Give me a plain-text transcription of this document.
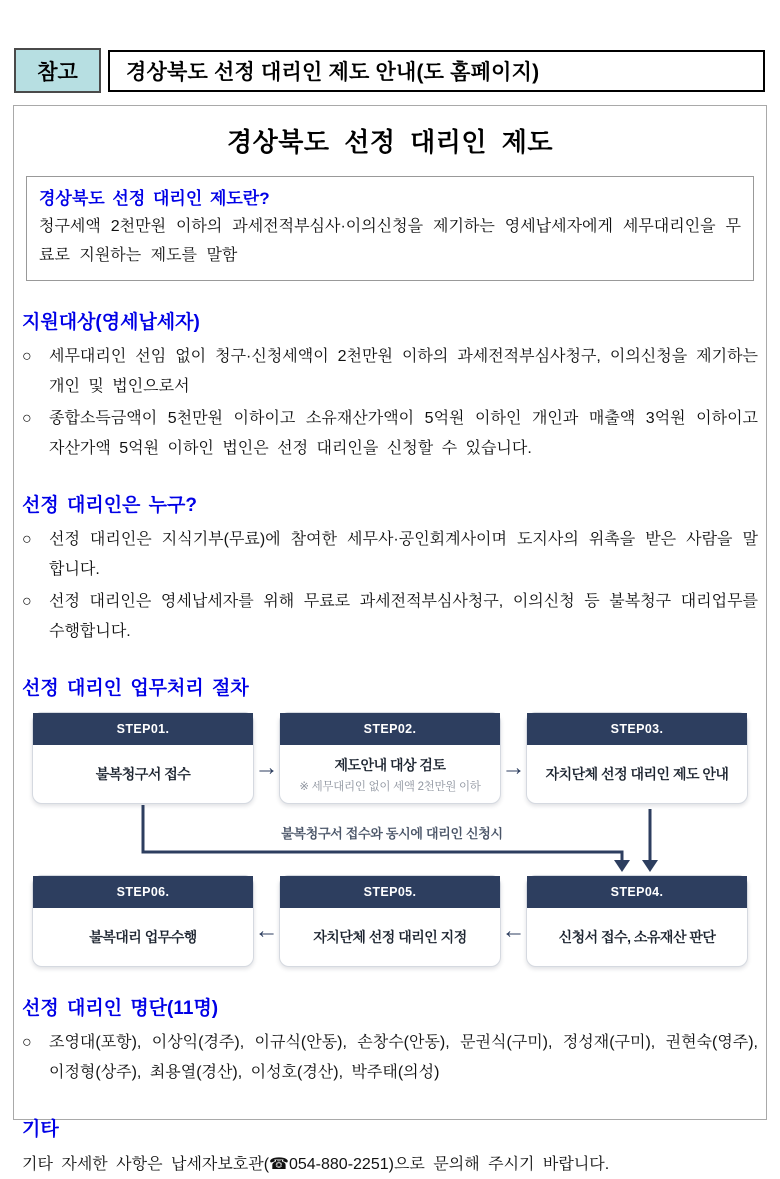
참고 경상북도 선정 대리인 제도 안내(도 홈페이지)
경상북도 선정 대리인 제도
경상북도 선정 대리인 제도란?
청구세액 2천만원 이하의 과세전적부심사·이의신청을 제기하는 영세납세자에게 세무대리인을 무료로 지원하는 제도를 말함
지원대상(영세납세자)
○	세무대리인 선임 없이 청구·신청세액이 2천만원 이하의 과세전적부심사청구, 이의신청을 제기하는 개인 및 법인으로서
○	종합소득금액이 5천만원 이하이고 소유재산가액이 5억원 이하인 개인과 매출액 3억원 이하이고 자산가액 5억원 이하인 법인은 선정 대리인을 신청할 수 있습니다.
선정 대리인은 누구?
○	선정 대리인은 지식기부(무료)에 참여한 세무사·공인회계사이며 도지사의 위촉을 받은 사람을 말합니다.
○	선정 대리인은 영세납세자를 위해 무료로 과세전적부심사청구, 이의신청 등 불복청구 대리업무를 수행합니다.
선정 대리인 업무처리 절차
STEP01.
불복청구서 접수
STEP02.
제도안내 대상 검토
※ 세무대리인 없이 세액 2천만원 이하
STEP03.
자치단체 선정 대리인 제도 안내
STEP06.
불복대리 업무수행
STEP05.
자치단체 선정 대리인 지정
STEP04.
신청서 접수, 소유재산 판단
→	→
←	←
불복청구서 접수와 동시에 대리인 신청시
선정 대리인 명단(11명)
○	조영대(포항), 이상익(경주), 이규식(안동), 손창수(안동), 문권식(구미), 정성재(구미), 권현숙(영주), 이정형(상주), 최용열(경산), 이성호(경산), 박주태(의성)
기타
기타 자세한 사항은 납세자보호관(☎054-880-2251)으로 문의해 주시기 바랍니다.
